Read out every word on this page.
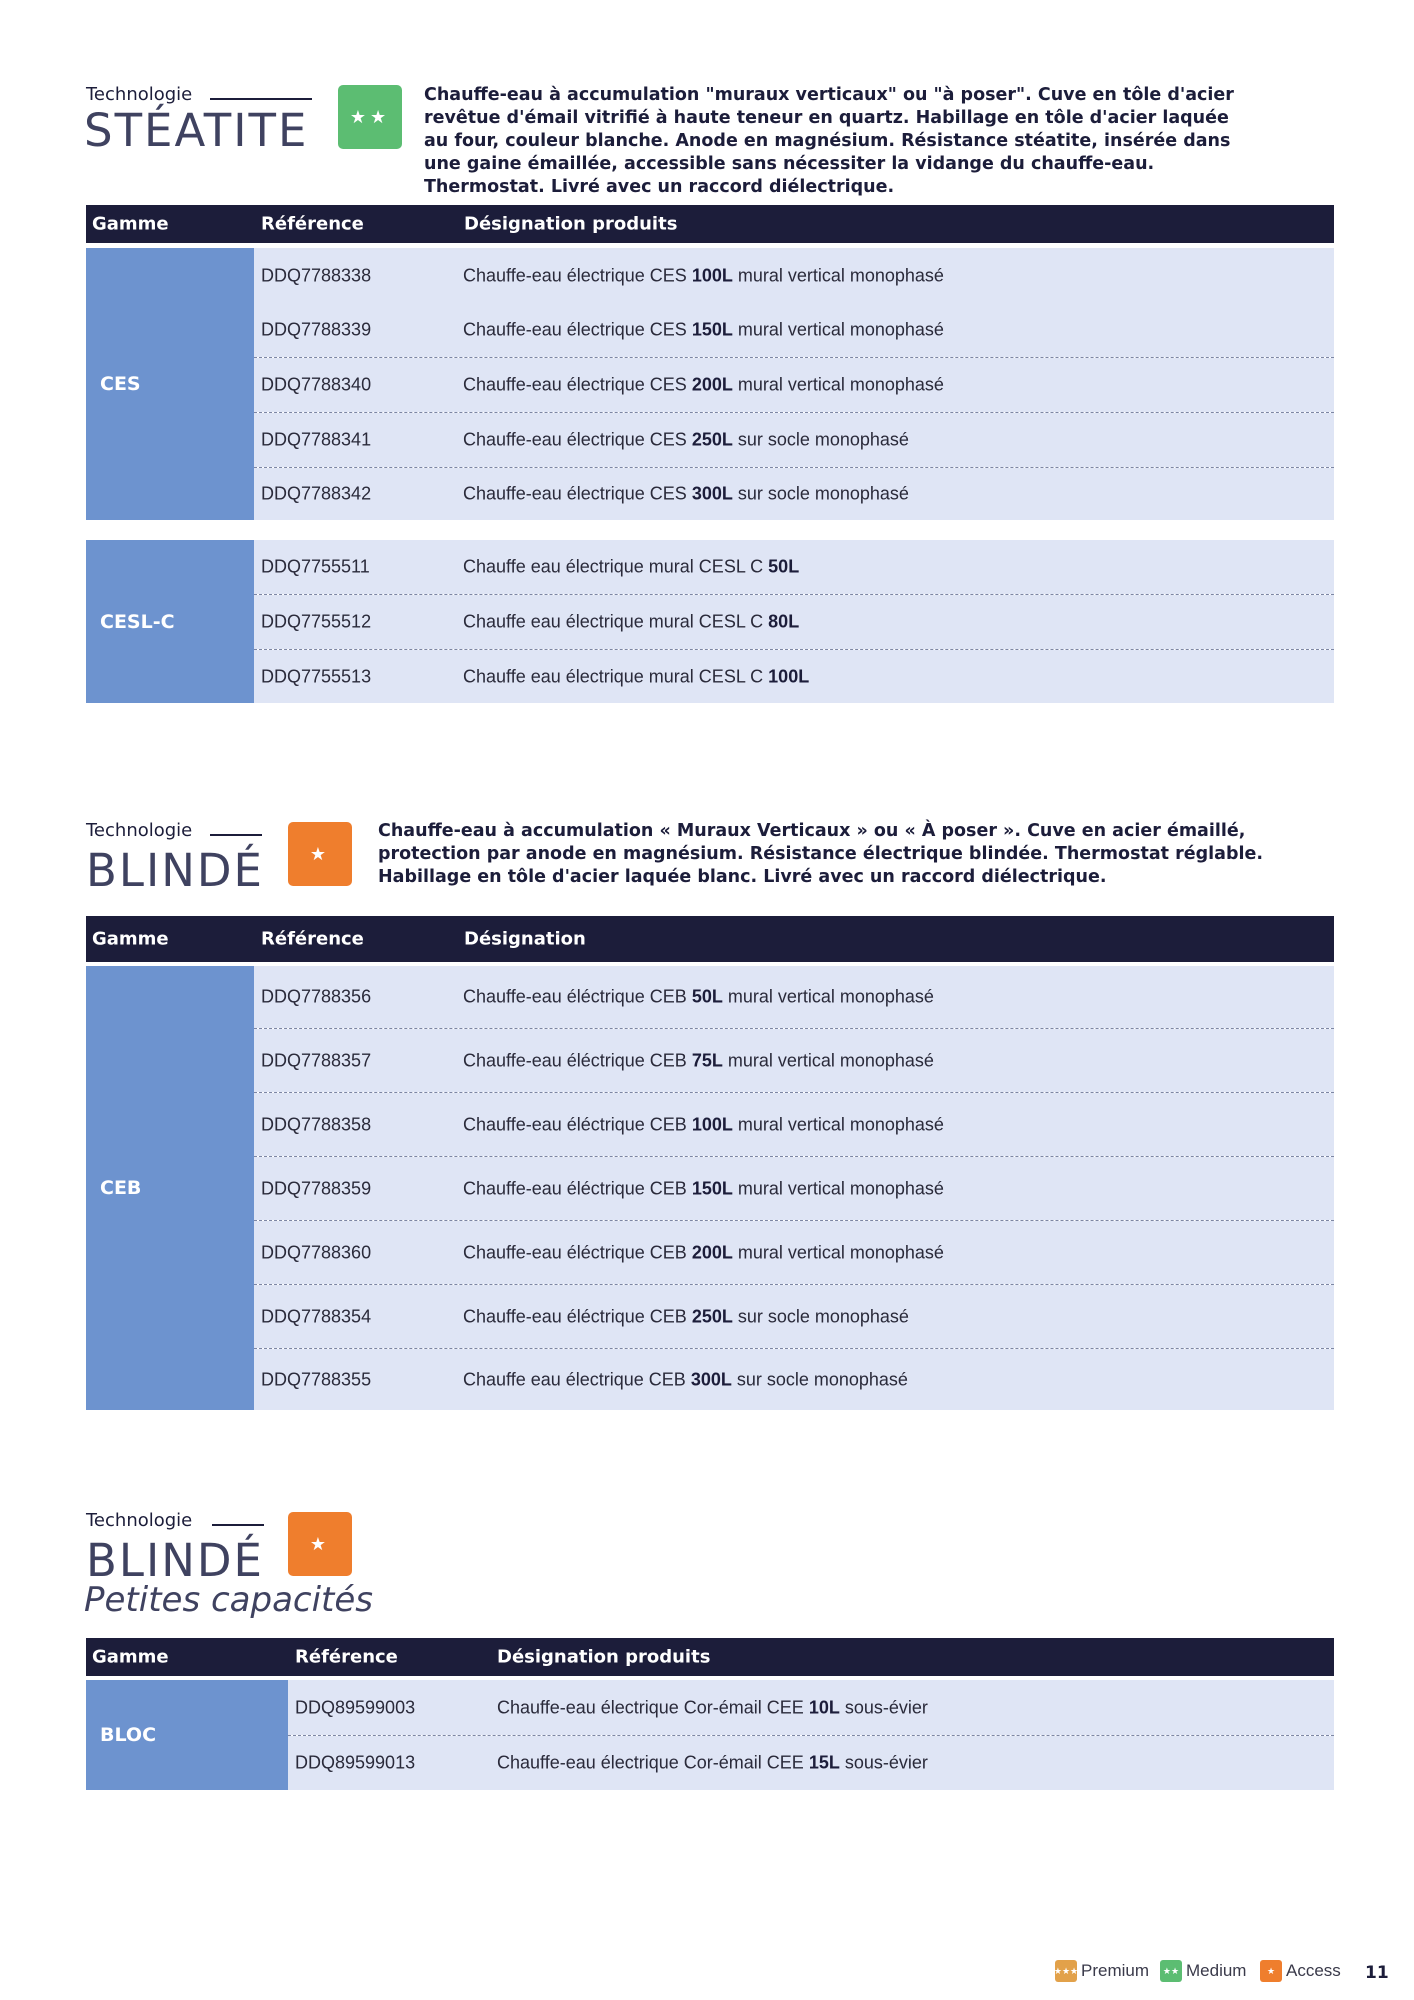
Technologie
STÉATITE	★★
Chauffe-eau à accumulation "muraux verticaux" ou "à poser". Cuve en tôle d'acier
revêtue d'émail vitrifié à haute teneur en quartz. Habillage en tôle d'acier laquée
au four, couleur blanche. Anode en magnésium. Résistance stéatite, insérée dans
une gaine émaillée, accessible sans nécessiter la vidange du chauffe-eau.
Thermostat. Livré avec un raccord diélectrique.
Gamme	Référence	Désignation produits
CES
DDQ7788338	Chauffe-eau électrique CES 100L mural vertical monophasé
DDQ7788339	Chauffe-eau électrique CES 150L mural vertical monophasé
DDQ7788340	Chauffe-eau électrique CES 200L mural vertical monophasé
DDQ7788341	Chauffe-eau électrique CES 250L sur socle monophasé
DDQ7788342	Chauffe-eau électrique CES 300L sur socle monophasé
CESL-C
DDQ7755511	Chauffe eau électrique mural CESL C 50L
DDQ7755512	Chauffe eau électrique mural CESL C 80L
DDQ7755513	Chauffe eau électrique mural CESL C 100L
Technologie
BLINDÉ	★
Chauffe-eau à accumulation « Muraux Verticaux » ou « À poser ». Cuve en acier émaillé,
protection par anode en magnésium. Résistance électrique blindée. Thermostat réglable.
Habillage en tôle d'acier laquée blanc. Livré avec un raccord diélectrique.
Gamme	Référence	Désignation
CEB
DDQ7788356	Chauffe-eau éléctrique CEB 50L mural vertical monophasé
DDQ7788357	Chauffe-eau éléctrique CEB 75L mural vertical monophasé
DDQ7788358	Chauffe-eau éléctrique CEB 100L mural vertical monophasé
DDQ7788359	Chauffe-eau éléctrique CEB 150L mural vertical monophasé
DDQ7788360	Chauffe-eau éléctrique CEB 200L mural vertical monophasé
DDQ7788354	Chauffe-eau éléctrique CEB 250L sur socle monophasé
DDQ7788355	Chauffe eau électrique CEB 300L sur socle monophasé
Technologie
BLINDÉ	★
Petites capacités
Gamme	Référence	Désignation produits
BLOC
DDQ89599003	Chauffe-eau électrique Cor-émail CEE 10L sous-évier
DDQ89599013	Chauffe-eau électrique Cor-émail CEE 15L sous-évier
★★★ Premium	★★ Medium	★ Access 11
